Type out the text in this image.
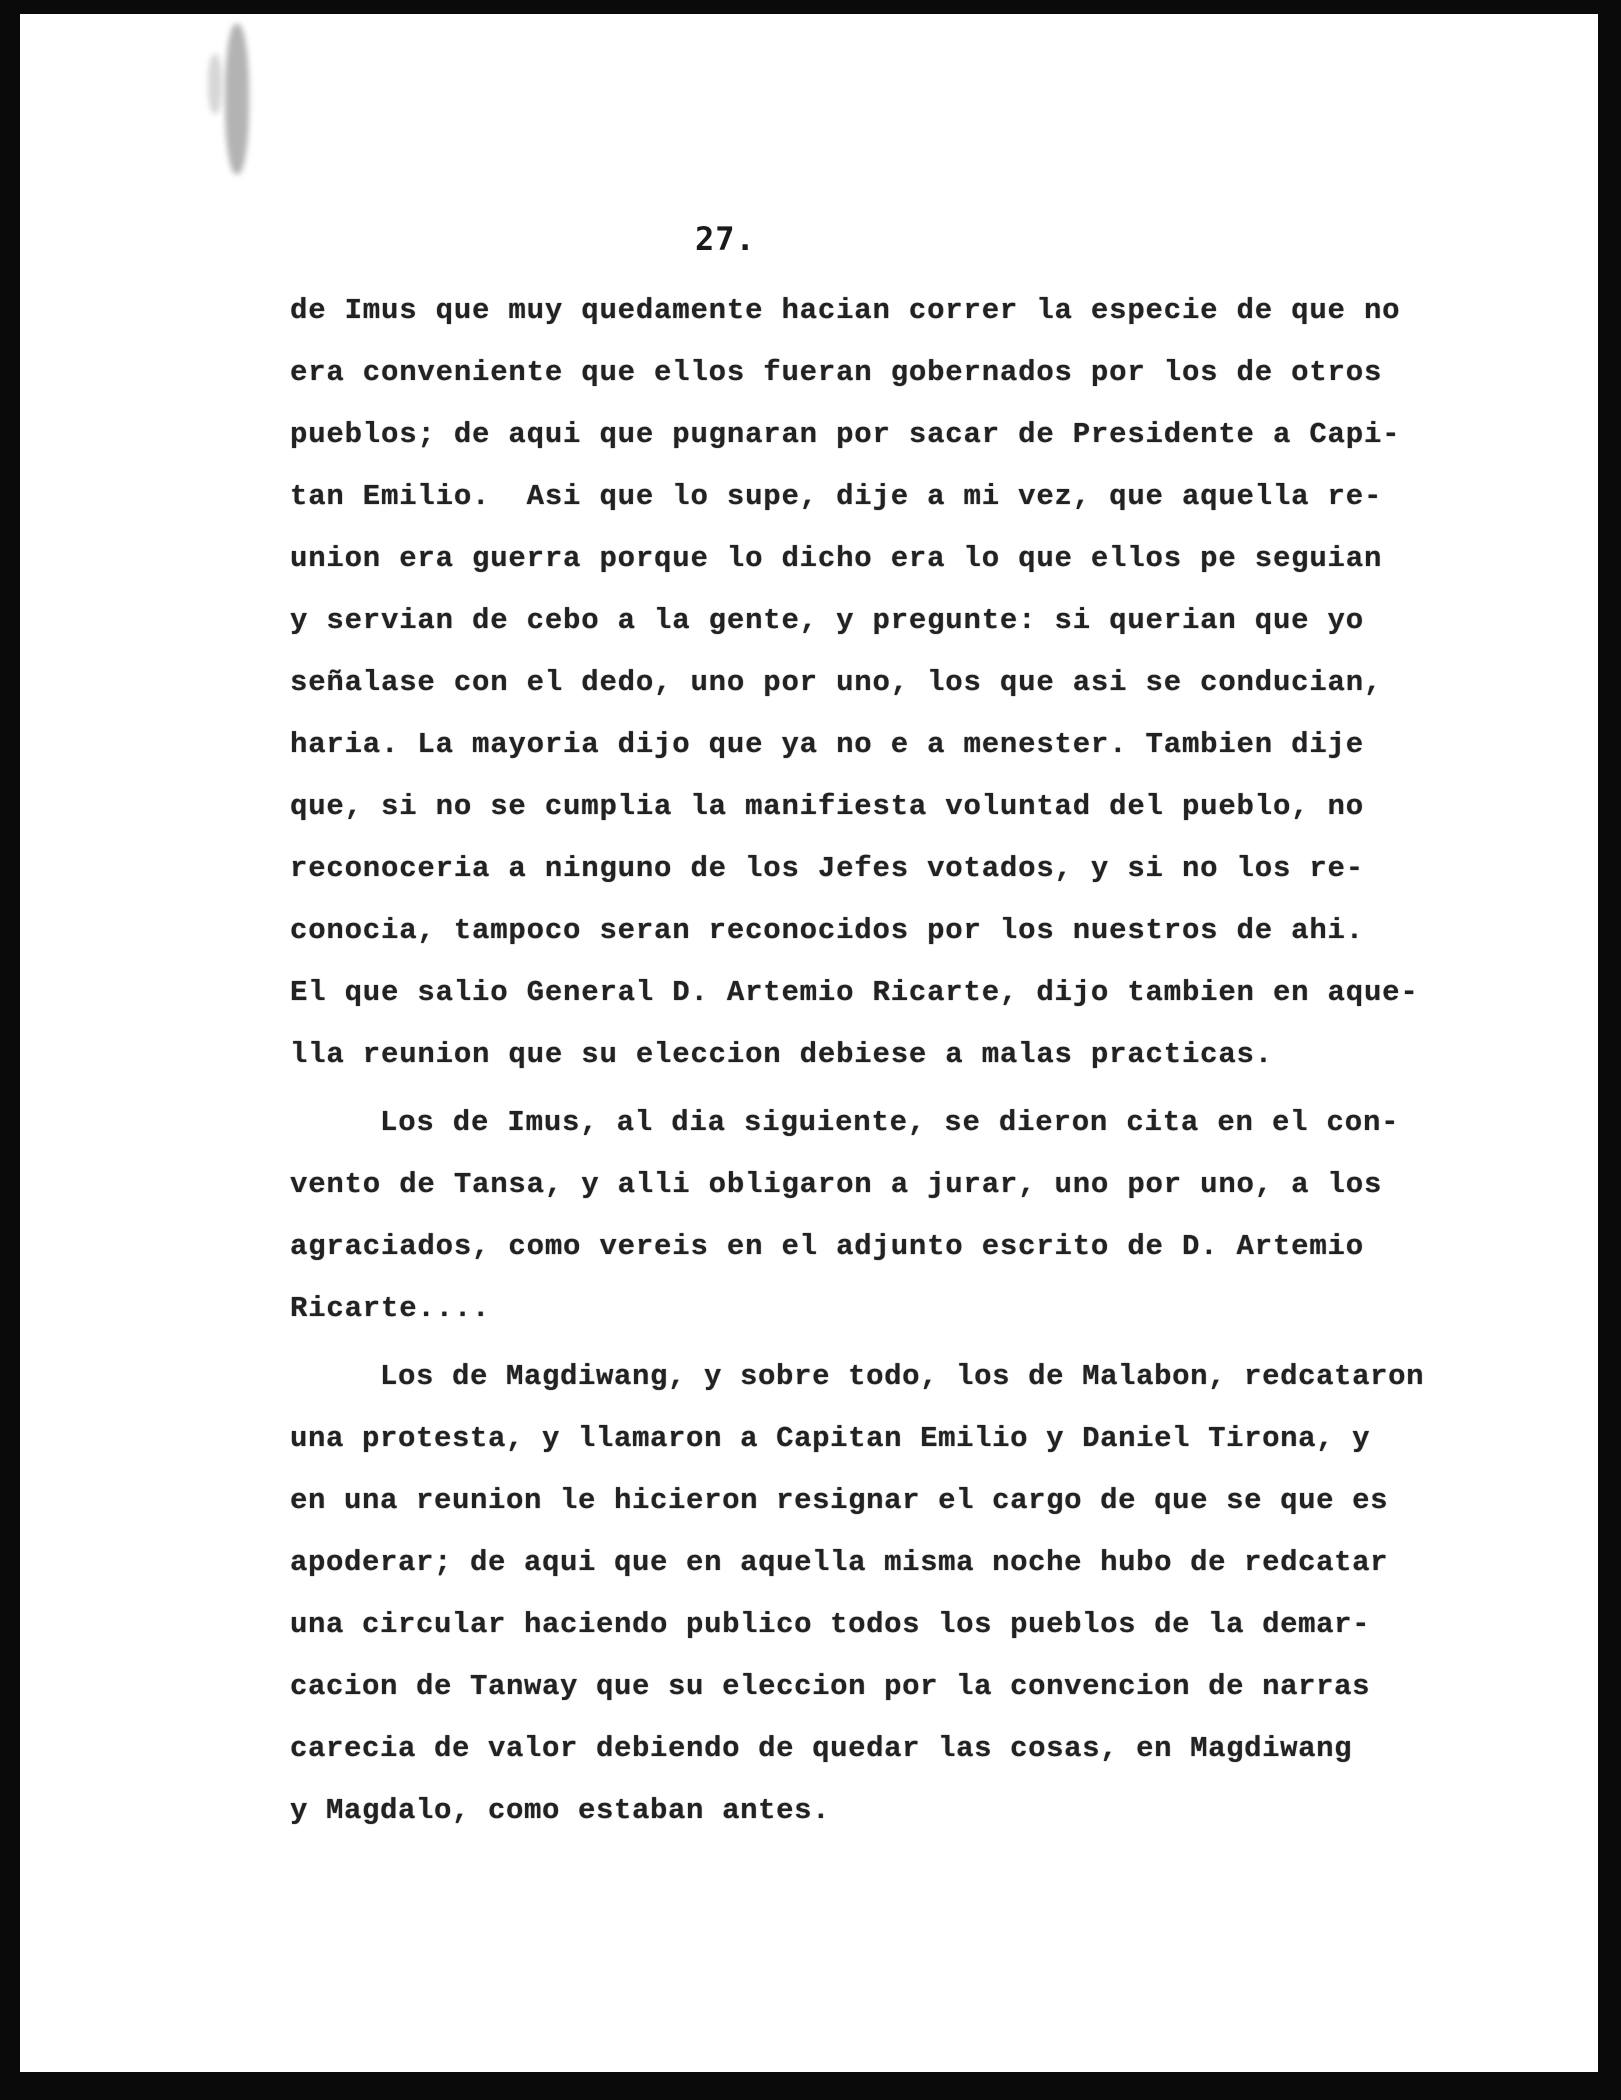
27.
de Imus que muy quedamente hacian correr la especie de que no
era conveniente que ellos fueran gobernados por los de otros
pueblos; de aqui que pugnaran por sacar de Presidente a Capi-
tan Emilio.  Asi que lo supe, dije a mi vez, que aquella re-
union era guerra porque lo dicho era lo que ellos pe seguian
y servian de cebo a la gente, y pregunte: si querian que yo
señalase con el dedo, uno por uno, los que asi se conducian,
haria. La mayoria dijo que ya no e a menester. Tambien dije
que, si no se cumplia la manifiesta voluntad del pueblo, no
reconoceria a ninguno de los Jefes votados, y si no los re-
conocia, tampoco seran reconocidos por los nuestros de ahi.
El que salio General D. Artemio Ricarte, dijo tambien en aque-
lla reunion que su eleccion debiese a malas practicas.
Los de Imus, al dia siguiente, se dieron cita en el con-
vento de Tansa, y alli obligaron a jurar, uno por uno, a los
agraciados, como vereis en el adjunto escrito de D. Artemio
Ricarte....
Los de Magdiwang, y sobre todo, los de Malabon, redcataron
una protesta, y llamaron a Capitan Emilio y Daniel Tirona, y
en una reunion le hicieron resignar el cargo de que se que es
apoderar; de aqui que en aquella misma noche hubo de redcatar
una circular haciendo publico todos los pueblos de la demar-
cacion de Tanway que su eleccion por la convencion de narras
carecia de valor debiendo de quedar las cosas, en Magdiwang
y Magdalo, como estaban antes.
